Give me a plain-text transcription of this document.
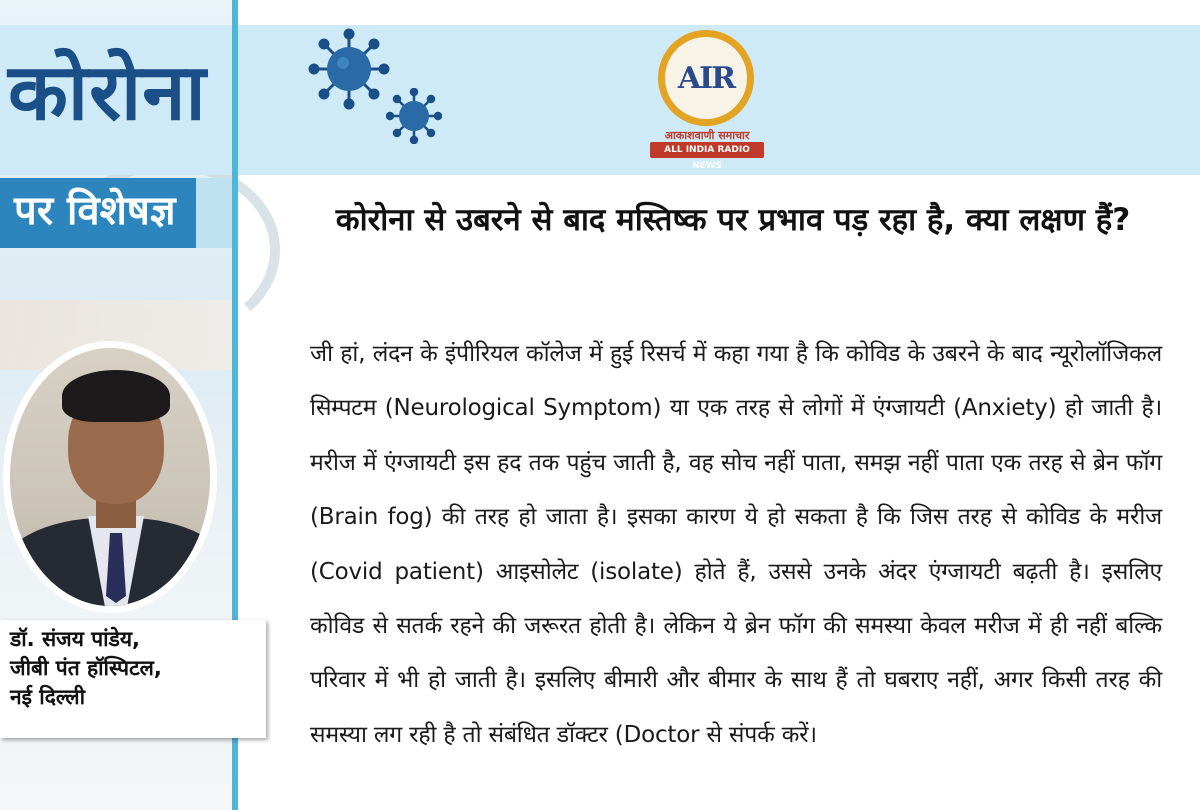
कोरोना
पर विशेषज्ञ
AIR
आकाशवाणी समाचार
ALL INDIA RADIO NEWS
डॉ. संजय पांडेय,
जीबी पंत हॉस्पिटल,
नई दिल्ली
कोरोना से उबरने से बाद मस्तिष्क पर प्रभाव पड़ रहा है, क्या लक्षण हैं?

जी हां, लंदन के इंपीरियल कॉलेज में हुई रिसर्च में कहा गया है कि कोविड के उबरने के बाद न्यूरोलॉजिकल सिम्पटम (Neurological Symptom) या एक तरह से लोगों में एंग्जायटी (Anxiety) हो जाती है। मरीज में एंग्जायटी इस हद तक पहुंच जाती है, वह सोच नहीं पाता, समझ नहीं पाता एक तरह से ब्रेन फॉग (Brain fog) की तरह हो जाता है। इसका कारण ये हो सकता है कि जिस तरह से कोविड के मरीज (Covid patient) आइसोलेट (isolate) होते हैं, उससे उनके अंदर एंग्जायटी बढ़ती है। इसलिए कोविड से सतर्क रहने की जरूरत होती है। लेकिन ये ब्रेन फॉग की समस्या केवल मरीज में ही नहीं बल्कि परिवार में भी हो जाती है। इसलिए बीमारी और बीमार के साथ हैं तो घबराए नहीं, अगर किसी तरह की समस्या लग रही है तो संबंधित डॉक्टर (Doctor से संपर्क करें।
